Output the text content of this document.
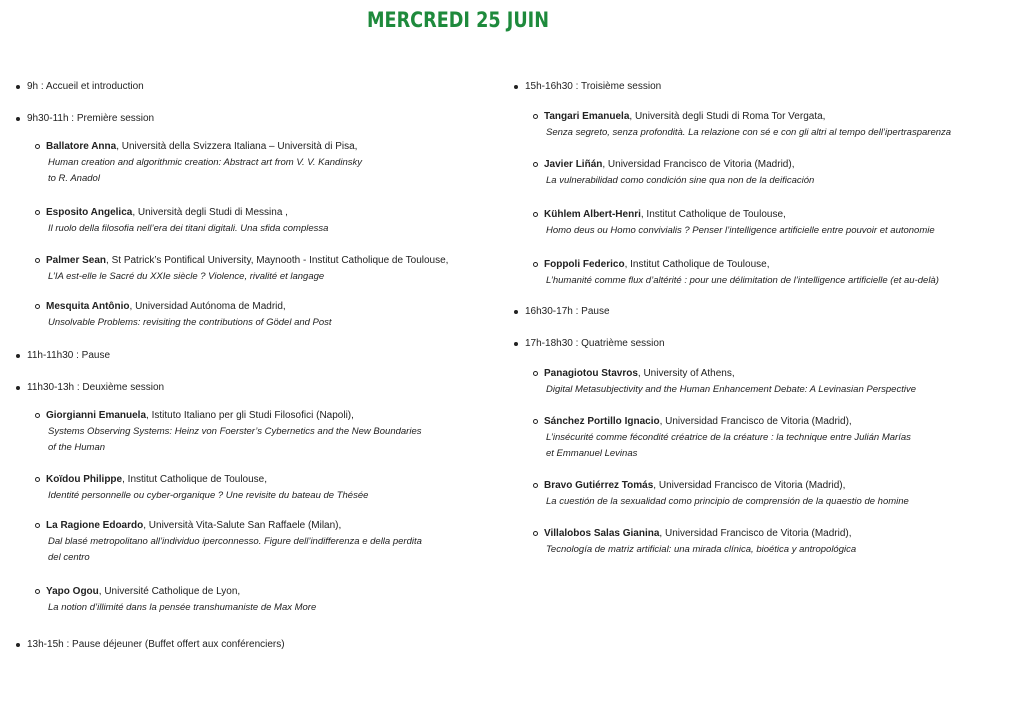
MERCREDI 25 JUIN
9h : Accueil et introduction
9h30-11h : Première session
Ballatore Anna, Università della Svizzera Italiana – Università di Pisa,
Human creation and algorithmic creation: Abstract art from V. V. Kandinsky
to R. Anadol
Esposito Angelica, Università degli Studi di Messina ,
Il ruolo della filosofia nell’era dei titani digitali. Una sfida complessa
Palmer Sean, St Patrick’s Pontifical University, Maynooth - Institut Catholique de Toulouse,
L’IA est-elle le Sacré du XXIe siècle ? Violence, rivalité et langage
Mesquita Antônio, Universidad Autónoma de Madrid,
Unsolvable Problems: revisiting the contributions of Gödel and Post
11h-11h30 : Pause
11h30-13h : Deuxième session
Giorgianni Emanuela, Istituto Italiano per gli Studi Filosofici (Napoli),
Systems Observing Systems: Heinz von Foerster’s Cybernetics and the New Boundaries
of the Human
Koïdou Philippe, Institut Catholique de Toulouse,
Identité personnelle ou cyber-organique ? Une revisite du bateau de Thésée
La Ragione Edoardo, Università Vita-Salute San Raffaele (Milan),
Dal blasé metropolitano all’individuo iperconnesso. Figure dell’indifferenza e della perdita
del centro
Yapo Ogou, Université Catholique de Lyon,
La notion d’illimité dans la pensée transhumaniste de Max More
13h-15h : Pause déjeuner (Buffet offert aux conférenciers)
15h-16h30 : Troisième session
Tangari Emanuela, Università degli Studi di Roma Tor Vergata,
Senza segreto, senza profondità. La relazione con sé e con gli altri al tempo dell’ipertrasparenza
Javier Liñán, Universidad Francisco de Vitoria (Madrid),
La vulnerabilidad como condición sine qua non de la deificación
Kühlem Albert-Henri, Institut Catholique de Toulouse,
Homo deus ou Homo convivialis ? Penser l’intelligence artificielle entre pouvoir et autonomie
Foppoli Federico, Institut Catholique de Toulouse,
L’humanité comme flux d’altérité : pour une délimitation de l’intelligence artificielle (et au-delà)
16h30-17h : Pause
17h-18h30 : Quatrième session
Panagiotou Stavros, University of Athens,
Digital Metasubjectivity and the Human Enhancement Debate: A Levinasian Perspective
Sánchez Portillo Ignacio, Universidad Francisco de Vitoria (Madrid),
L’insécurité comme fécondité créatrice de la créature : la technique entre Julián Marías
et Emmanuel Levinas
Bravo Gutiérrez Tomás, Universidad Francisco de Vitoria (Madrid),
La cuestión de la sexualidad como principio de comprensión de la quaestio de homine
Villalobos Salas Gianina, Universidad Francisco de Vitoria (Madrid),
Tecnología de matriz artificial: una mirada clínica, bioética y antropológica
